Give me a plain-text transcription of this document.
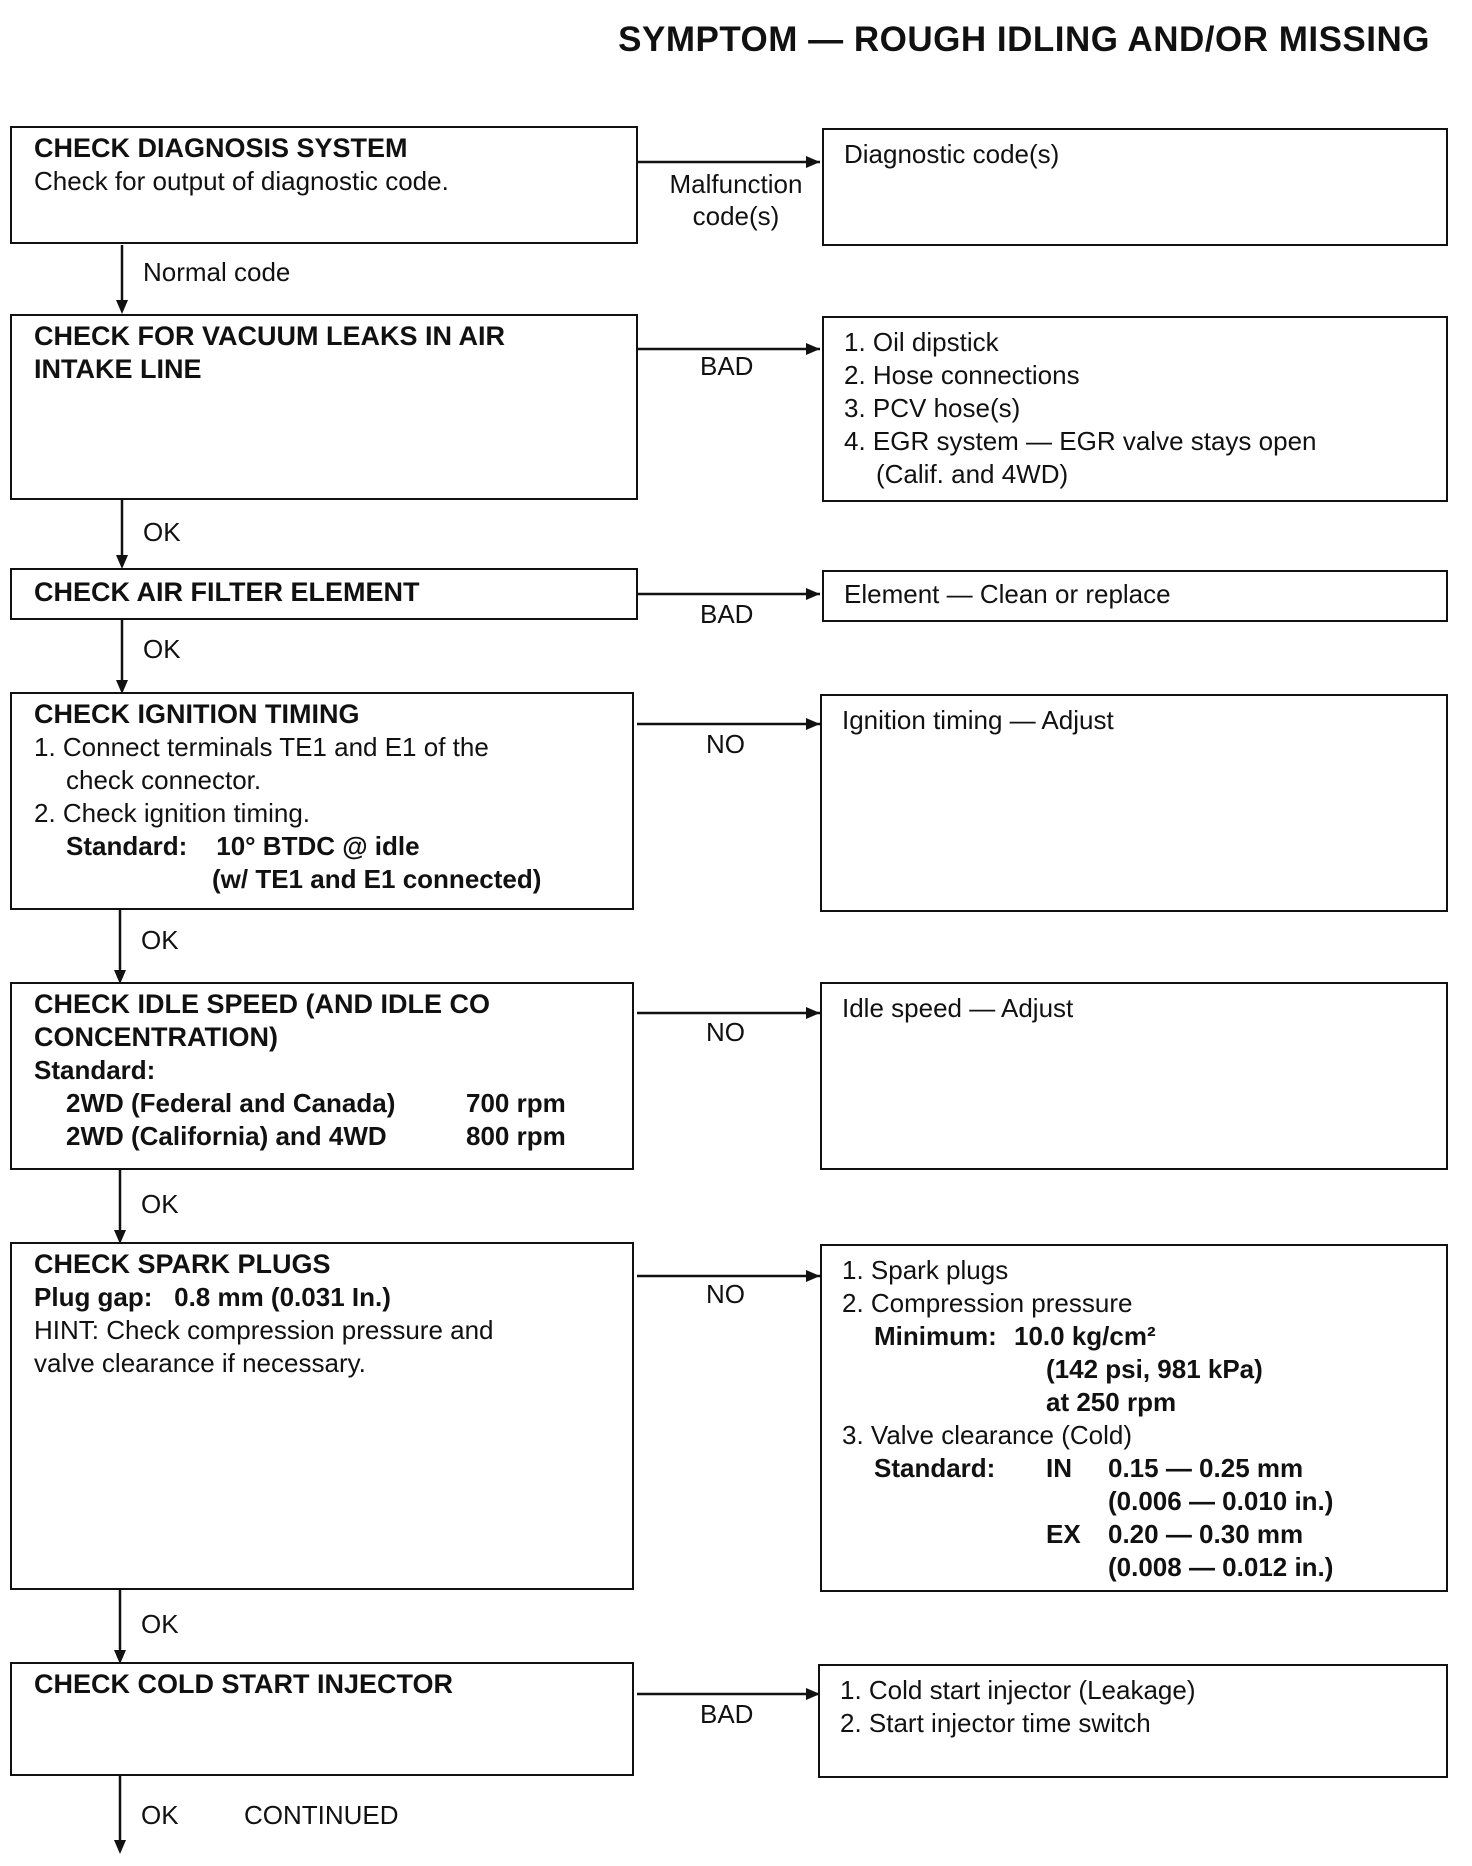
SYMPTOM — ROUGH IDLING AND/OR MISSING
CHECK DIAGNOSIS SYSTEM
Check for output of diagnostic code.	Malfunction
code(s)
Diagnostic code(s)
Normal code
CHECK FOR VACUUM LEAKS IN AIR
INTAKE LINE	BAD
1. Oil dipstick
2. Hose connections
3. PCV hose(s)
4. EGR system — EGR valve stays open
(Calif. and 4WD)
OK
CHECK AIR FILTER ELEMENT
BAD
Element — Clean or replace
OK
CHECK IGNITION TIMING
1. Connect terminals TE1 and E1 of the
check connector.
2. Check ignition timing.
Standard: 10° BTDC @ idle
(w/ TE1 and E1 connected)
NO
Ignition timing — Adjust
OK
CHECK IDLE SPEED (AND IDLE CO
CONCENTRATION)
Standard:
2WD (Federal and Canada)	700 rpm
2WD (California) and 4WD	800 rpm
NO
Idle speed — Adjust
OK
CHECK SPARK PLUGS
Plug gap: 0.8 mm (0.031 In.)
HINT: Check compression pressure and
valve clearance if necessary.
NO
1. Spark plugs
2. Compression pressure
Minimum: 10.0 kg/cm²
(142 psi, 981 kPa)
at 250 rpm
3. Valve clearance (Cold)
Standard: IN 0.15 — 0.25 mm
(0.006 — 0.010 in.)
EX 0.20 — 0.30 mm
(0.008 — 0.012 in.)
OK
CHECK COLD START INJECTOR
BAD
1. Cold start injector (Leakage)
2. Start injector time switch
OK	CONTINUED
